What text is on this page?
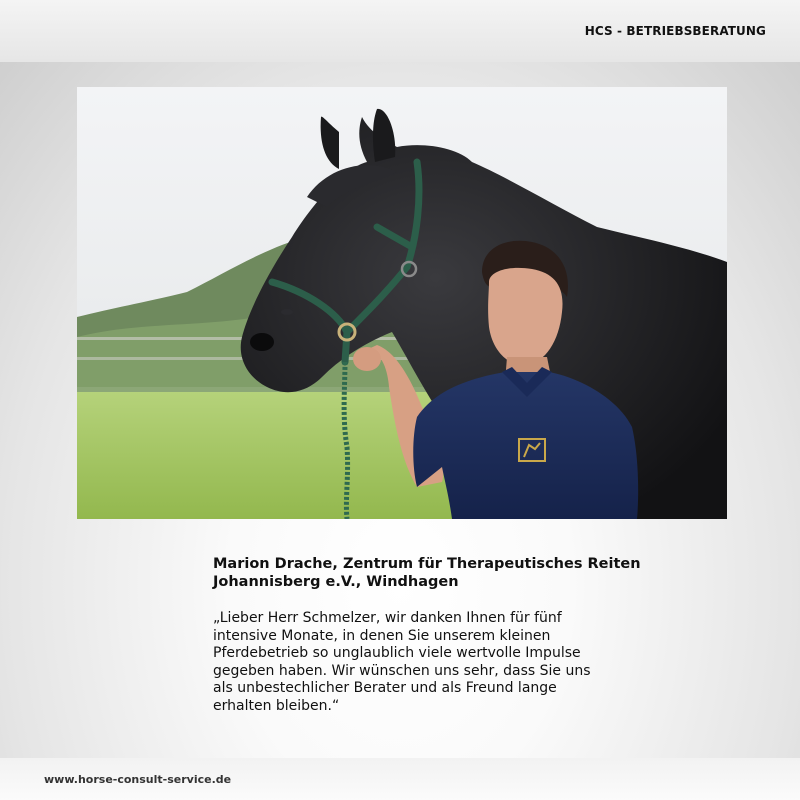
HCS - BETRIEBSBERATUNG

Marion Drache, Zentrum für Therapeutisches Reiten
Johannisberg e.V., Windhagen

„Lieber Herr Schmelzer, wir danken Ihnen für fünf
intensive Monate, in denen Sie unserem kleinen
Pferdebetrieb so unglaublich viele wertvolle Impulse
gegeben haben. Wir wünschen uns sehr, dass Sie uns
als unbestechlicher Berater und als Freund lange
erhalten bleiben.“

www.horse-consult-service.de
